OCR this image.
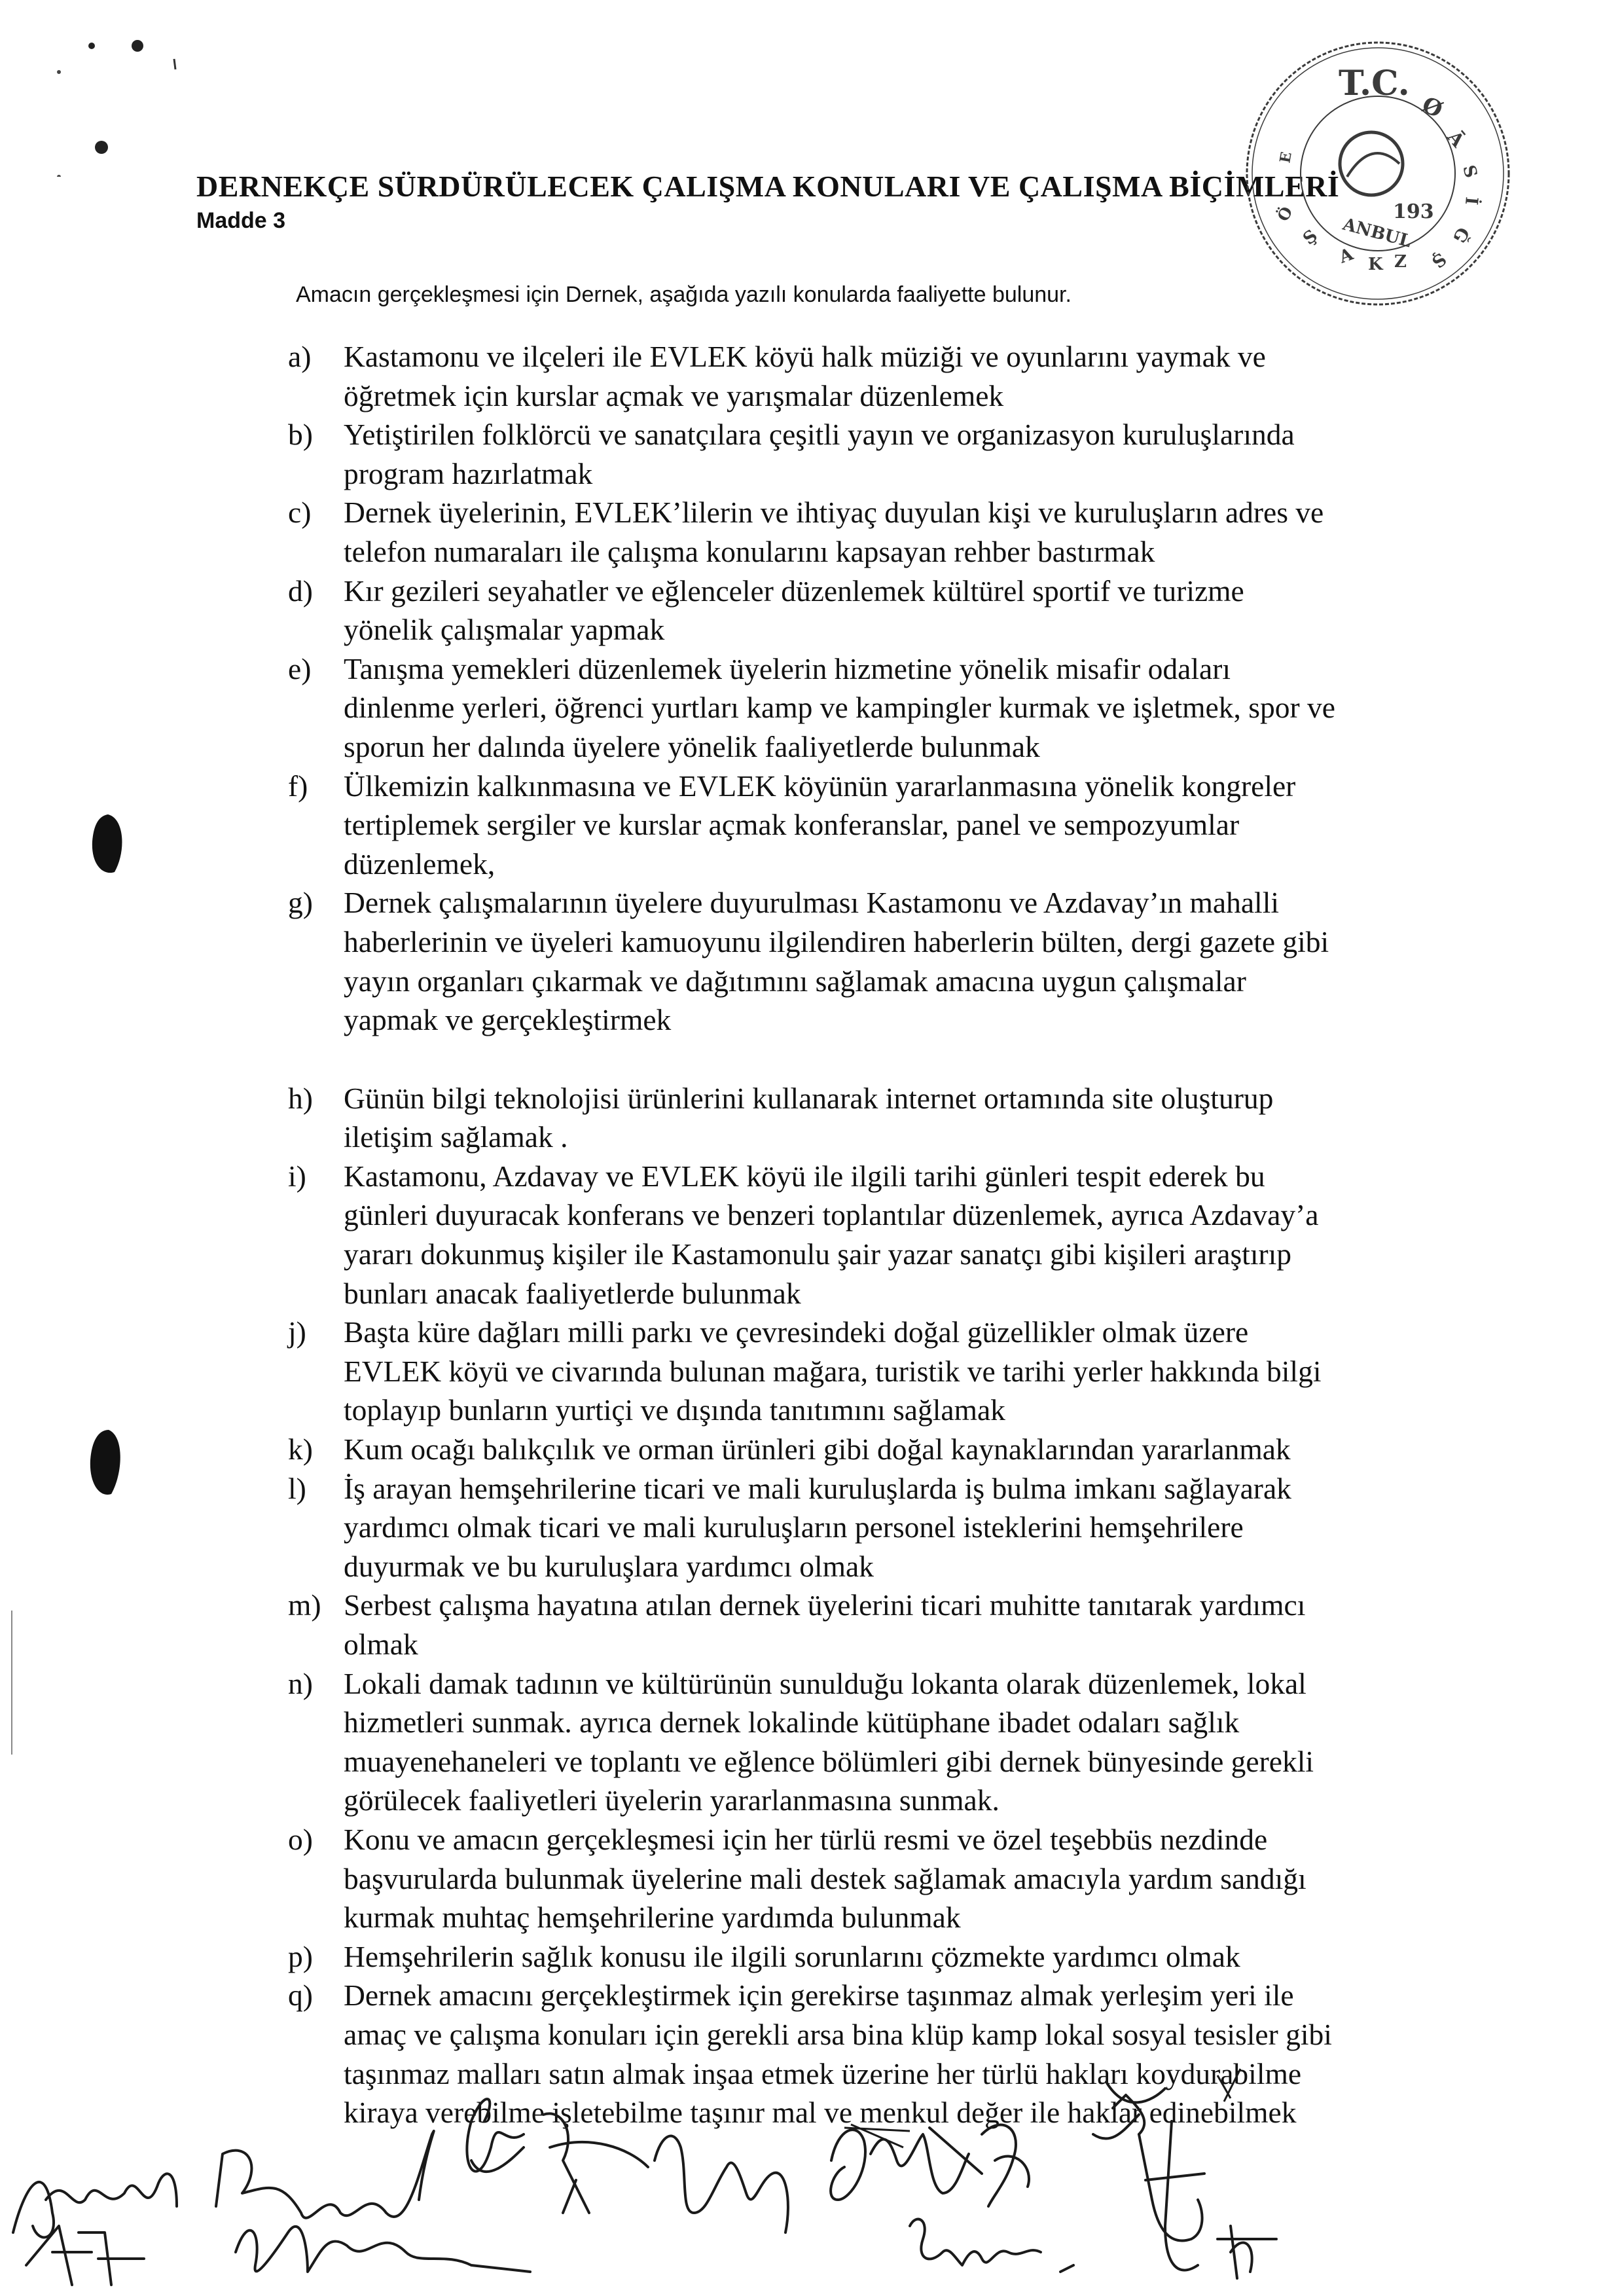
DERNEKÇE SÜRDÜRÜLECEK ÇALIŞMA KONULARI VE ÇALIŞMA BİÇİMLERİ
Madde 3
Amacın gerçekleşmesi için Dernek, aşağıda yazılı konularda faaliyette bulunur.
a)	Kastamonu ve ilçeleri ile EVLEK köyü halk müziği ve oyunlarını yaymak ve
öğretmek için kurslar açmak ve yarışmalar düzenlemek
b)	Yetiştirilen folklörcü ve sanatçılara çeşitli yayın ve organizasyon kuruluşlarında
program hazırlatmak
c)	Dernek üyelerinin, EVLEK’lilerin ve ihtiyaç duyulan kişi ve kuruluşların adres ve
telefon numaraları ile çalışma konularını kapsayan rehber bastırmak
d)	Kır gezileri seyahatler ve eğlenceler düzenlemek kültürel sportif ve turizme
yönelik çalışmalar yapmak
e)	Tanışma yemekleri düzenlemek üyelerin hizmetine yönelik misafir odaları
dinlenme yerleri, öğrenci yurtları kamp ve kampingler kurmak ve işletmek, spor ve
sporun her dalında üyelere yönelik faaliyetlerde bulunmak
f)	Ülkemizin kalkınmasına ve EVLEK köyünün yararlanmasına yönelik kongreler
tertiplemek sergiler ve kurslar açmak konferanslar, panel ve sempozyumlar
düzenlemek,
g)	Dernek çalışmalarının üyelere duyurulması Kastamonu ve Azdavay’ın mahalli
haberlerinin ve üyeleri kamuoyunu ilgilendiren haberlerin bülten, dergi gazete gibi
yayın organları çıkarmak ve dağıtımını sağlamak amacına uygun çalışmalar
yapmak ve gerçekleştirmek
h)	Günün bilgi teknolojisi ürünlerini kullanarak internet ortamında site oluşturup
iletişim sağlamak .
i)	Kastamonu, Azdavay ve EVLEK köyü ile ilgili tarihi günleri tespit ederek bu
günleri duyuracak konferans ve benzeri toplantılar düzenlemek, ayrıca Azdavay’a
yararı dokunmuş kişiler ile Kastamonulu şair yazar sanatçı gibi kişileri araştırıp
bunları anacak faaliyetlerde bulunmak
j)	Başta küre dağları milli parkı ve çevresindeki doğal güzellikler olmak üzere
EVLEK köyü ve civarında bulunan mağara, turistik ve tarihi yerler hakkında bilgi
toplayıp bunların yurtiçi ve dışında tanıtımını sağlamak
k)	Kum ocağı balıkçılık ve orman ürünleri gibi doğal kaynaklarından yararlanmak
l)	İş arayan hemşehrilerine ticari ve mali kuruluşlarda iş bulma imkanı sağlayarak
yardımcı olmak ticari ve mali kuruluşların personel isteklerini hemşehrilere
duyurmak ve bu kuruluşlara yardımcı olmak
m) Serbest çalışma hayatına atılan dernek üyelerini ticari muhitte tanıtarak yardımcı
olmak
n)	Lokali damak tadının ve kültürünün sunulduğu lokanta olarak düzenlemek, lokal
hizmetleri sunmak. ayrıca dernek lokalinde kütüphane ibadet odaları sağlık
muayenehaneleri ve toplantı ve eğlence bölümleri gibi dernek bünyesinde gerekli
görülecek faaliyetleri üyelerin yararlanmasına sunmak.
o)	Konu ve amacın gerçekleşmesi için her türlü resmi ve özel teşebbüs nezdinde
başvurularda bulunmak üyelerine mali destek sağlamak amacıyla yardım sandığı
kurmak muhtaç hemşehrilerine yardımda bulunmak
p)	Hemşehrilerin sağlık konusu ile ilgili sorunlarını çözmekte yardımcı olmak
q)	Dernek amacını gerçekleştirmek için gerekirse taşınmaz almak yerleşim yeri ile
amaç ve çalışma konuları için gerekli arsa bina klüp kamp lokal sosyal tesisler gibi
taşınmaz malları satın almak inşaa etmek üzerine her türlü hakları koydurabilme
kiraya verebilme işletebilme taşınır mal ve menkul değer ile haklar edinebilmek
T.C.
Ø
Ā
S
İ
Ğ
Ş
Z
K
A
Ş
Ö	193
ANBUL
E
